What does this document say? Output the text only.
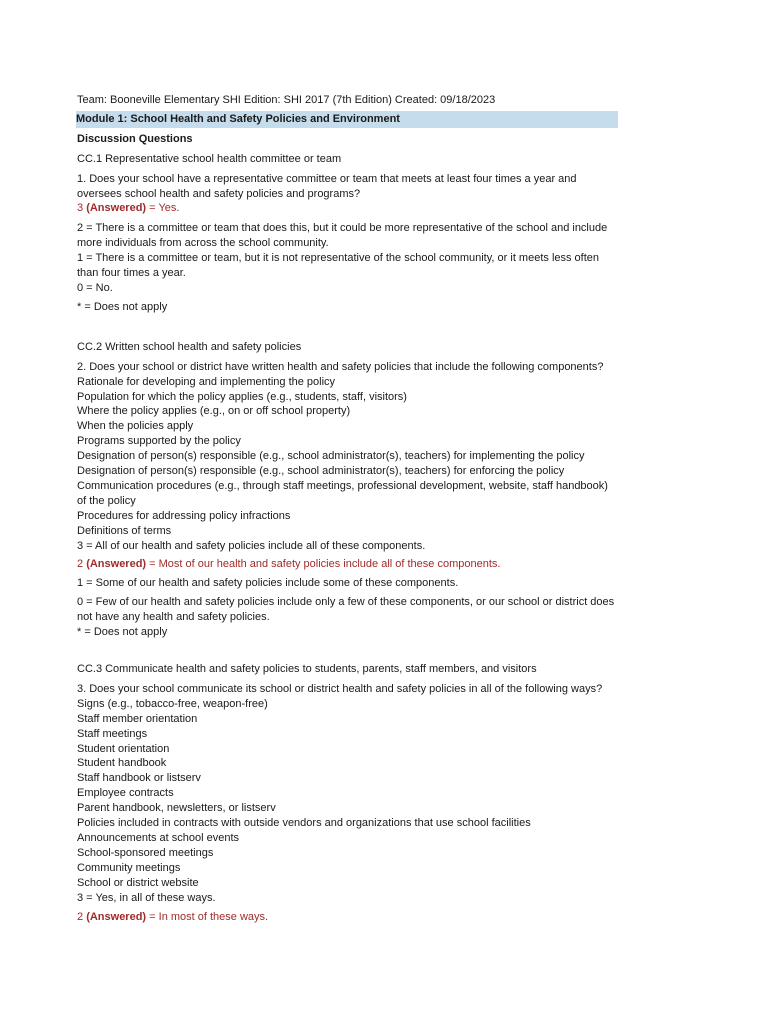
Team: Booneville Elementary SHI Edition: SHI 2017 (7th Edition) Created: 09/18/2023
Module 1: School Health and Safety Policies and Environment
Discussion Questions
CC.1 Representative school health committee or team
1. Does your school have a representative committee or team that meets at least four times a year and oversees school health and safety policies and programs?
3 (Answered) = Yes.
2 = There is a committee or team that does this, but it could be more representative of the school and include more individuals from across the school community.
1 = There is a committee or team, but it is not representative of the school community, or it meets less often than four times a year.
0 = No.
* = Does not apply
CC.2 Written school health and safety policies
2. Does your school or district have written health and safety policies that include the following components?
Rationale for developing and implementing the policy
Population for which the policy applies (e.g., students, staff, visitors)
Where the policy applies (e.g., on or off school property)
When the policies apply
Programs supported by the policy
Designation of person(s) responsible (e.g., school administrator(s), teachers) for implementing the policy
Designation of person(s) responsible (e.g., school administrator(s), teachers) for enforcing the policy
Communication procedures (e.g., through staff meetings, professional development, website, staff handbook) of the policy
Procedures for addressing policy infractions
Definitions of terms
3 = All of our health and safety policies include all of these components.
2 (Answered) = Most of our health and safety policies include all of these components.
1 = Some of our health and safety policies include some of these components.
0 = Few of our health and safety policies include only a few of these components, or our school or district does not have any health and safety policies.
* = Does not apply
CC.3 Communicate health and safety policies to students, parents, staff members, and visitors
3. Does your school communicate its school or district health and safety policies in all of the following ways?
Signs (e.g., tobacco-free, weapon-free)
Staff member orientation
Staff meetings
Student orientation
Student handbook
Staff handbook or listserv
Employee contracts
Parent handbook, newsletters, or listserv
Policies included in contracts with outside vendors and organizations that use school facilities
Announcements at school events
School-sponsored meetings
Community meetings
School or district website
3 = Yes, in all of these ways.
2 (Answered) = In most of these ways.
